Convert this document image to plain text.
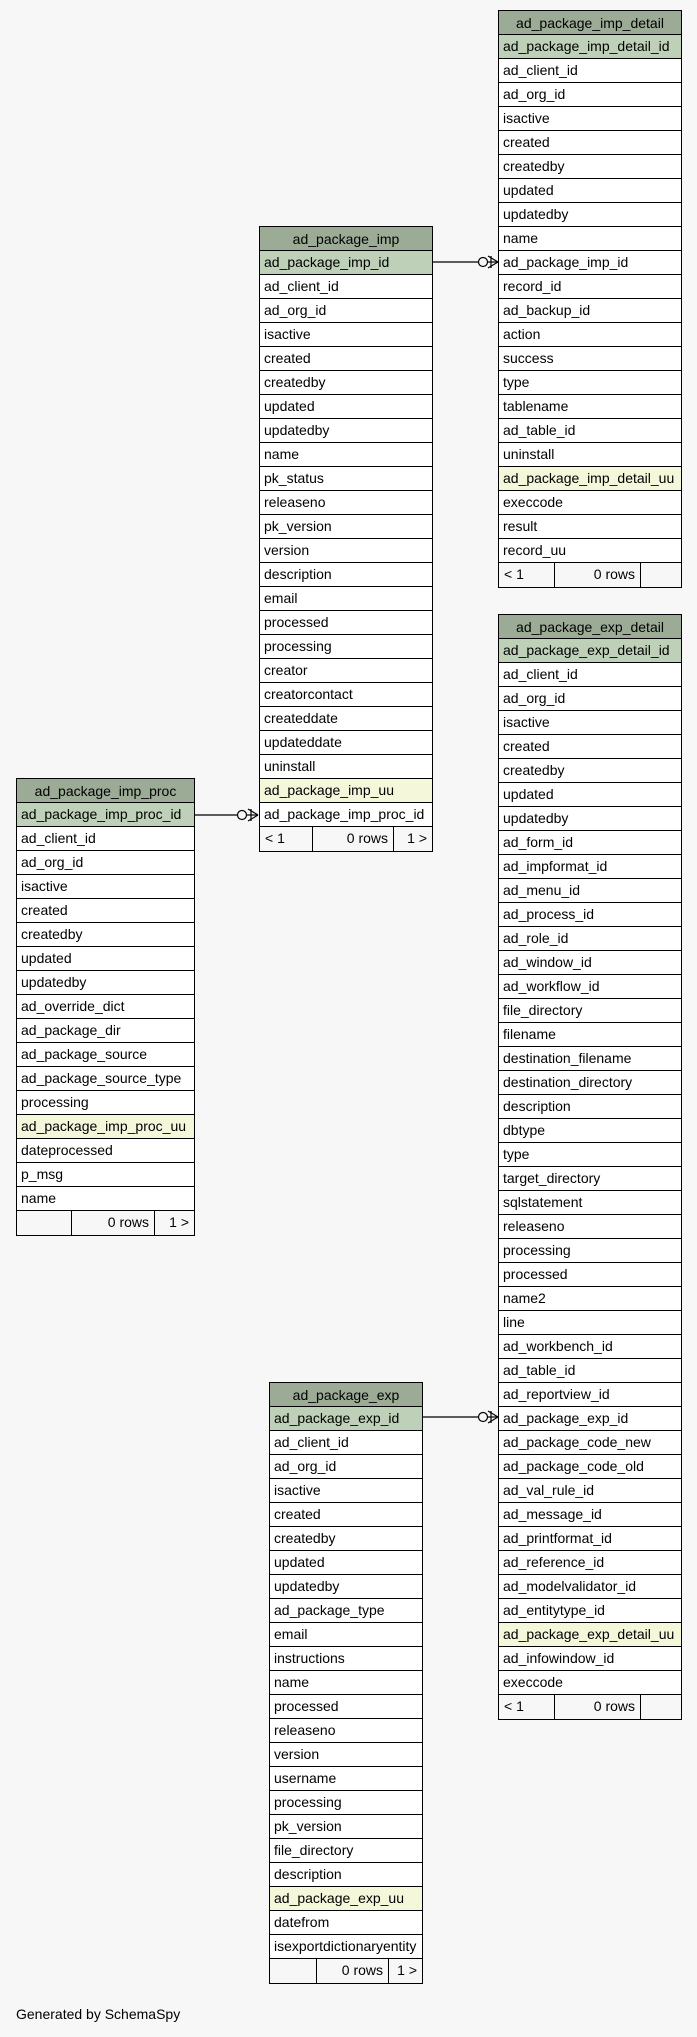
ad_package_imp_detail
ad_package_imp_detail_id
ad_client_id
ad_org_id
isactive
created
createdby
updated
updatedby
name
ad_package_imp_id
record_id
ad_backup_id
action
success
type
tablename
ad_table_id
uninstall
ad_package_imp_detail_uu
execcode
result
record_uu
< 1	0 rows
ad_package_imp
ad_package_imp_id
ad_client_id
ad_org_id
isactive
created
createdby
updated
updatedby
name
pk_status
releaseno
pk_version
version
description
email
processed
processing
creator
creatorcontact
createddate
updateddate
uninstall
ad_package_imp_uu
ad_package_imp_proc_id
< 1	0 rows	1 >
ad_package_exp_detail
ad_package_exp_detail_id
ad_client_id
ad_org_id
isactive
created
createdby
updated
updatedby
ad_form_id
ad_impformat_id
ad_menu_id
ad_process_id
ad_role_id
ad_window_id
ad_workflow_id
file_directory
filename
destination_filename
destination_directory
description
dbtype
type
target_directory
sqlstatement
releaseno
processing
processed
name2
line
ad_workbench_id
ad_table_id
ad_reportview_id
ad_package_exp_id
ad_package_code_new
ad_package_code_old
ad_val_rule_id
ad_message_id
ad_printformat_id
ad_reference_id
ad_modelvalidator_id
ad_entitytype_id
ad_package_exp_detail_uu
ad_infowindow_id
execcode
< 1	0 rows
ad_package_imp_proc
ad_package_imp_proc_id
ad_client_id
ad_org_id
isactive
created
createdby
updated
updatedby
ad_override_dict
ad_package_dir
ad_package_source
ad_package_source_type
processing
ad_package_imp_proc_uu
dateprocessed
p_msg
name
0 rows	1 >
ad_package_exp
ad_package_exp_id
ad_client_id
ad_org_id
isactive
created
createdby
updated
updatedby
ad_package_type
email
instructions
name
processed
releaseno
version
username
processing
pk_version
file_directory
description
ad_package_exp_uu
datefrom
isexportdictionaryentity
0 rows	1 >
Generated by SchemaSpy
